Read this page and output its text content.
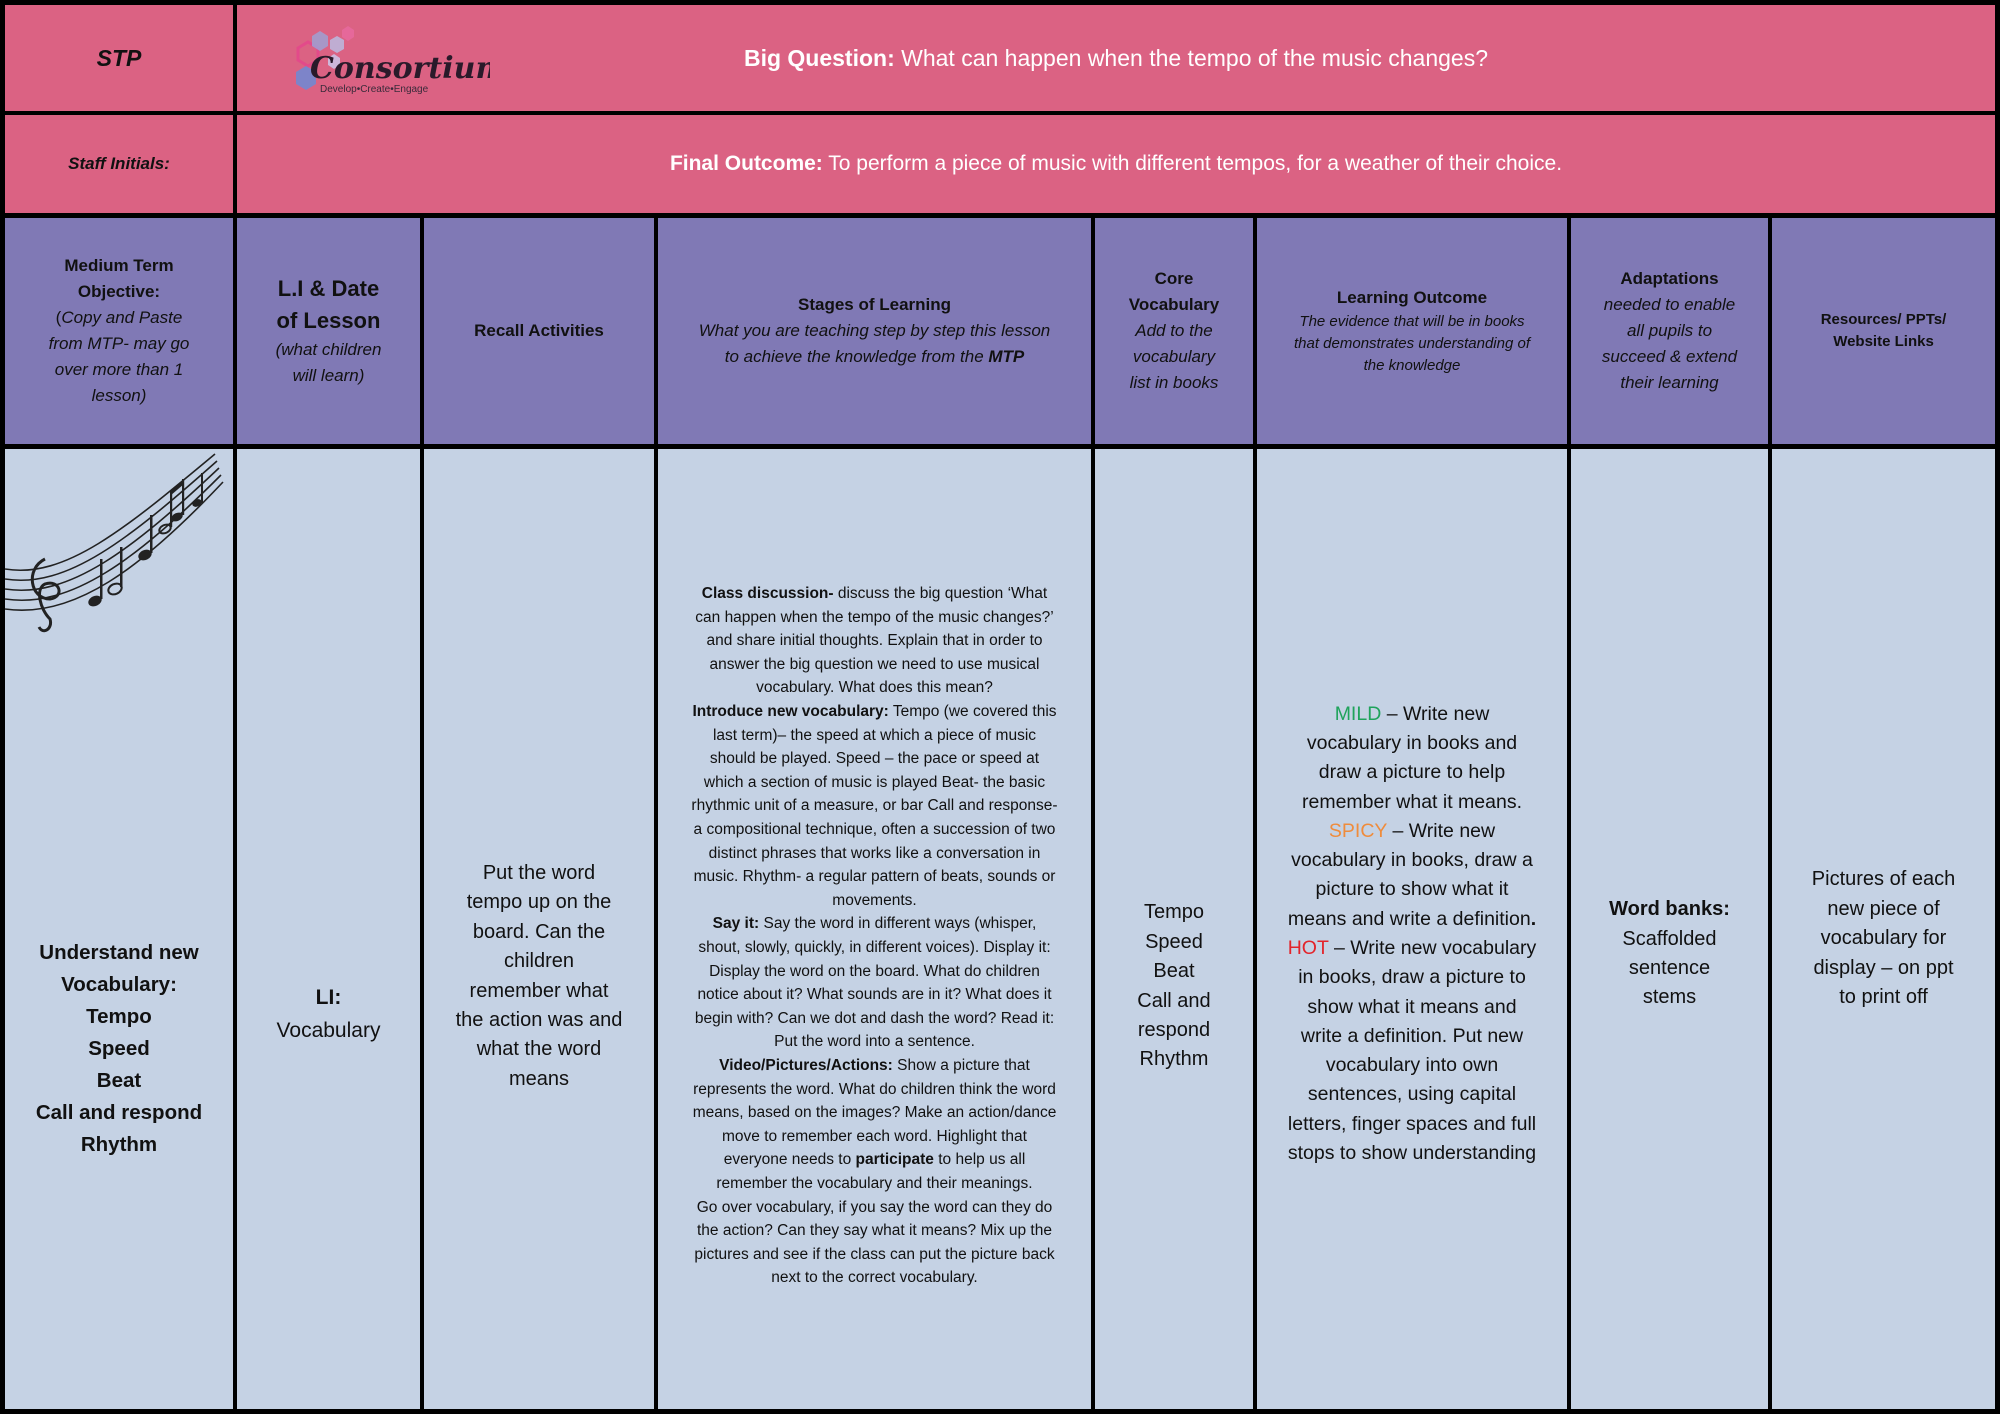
STP	Big Question: What can happen when the tempo of the music changes?
Consortium
Develop•Create•Engage
Staff Initials:	Final Outcome: To perform a piece of music with different tempos, for a weather of their choice.
Medium Term
Objective:
(Copy and Paste
from MTP- may go
over more than 1
lesson)
L.I & Date
of Lesson
(what children
will learn)
Recall Activities
Stages of Learning
What you are teaching step by step this lesson
to achieve the knowledge from the MTP
Core
Vocabulary
Add to the
vocabulary
list in books
Learning Outcome
The evidence that will be in books
that demonstrates understanding of
the knowledge
Adaptations
needed to enable
all pupils to
succeed & extend
their learning
Resources/ PPTs/
Website Links
Understand new
Vocabulary:
Tempo
Speed
Beat
Call and respond
Rhythm
LI:
Vocabulary
Put the word
tempo up on the
board. Can the
children
remember what
the action was and
what the word
means

Class discussion- discuss the big question ‘What can happen when the tempo of the music changes?’ and share initial thoughts. Explain that in order to answer the big question we need to use musical vocabulary. What does this mean?

Introduce new vocabulary: Tempo (we covered this last term)– the speed at which a piece of music should be played. Speed – the pace or speed at which a section of music is played Beat- the basic rhythmic unit of a measure, or bar Call and response- a compositional technique, often a succession of two distinct phrases that works like a conversation in music. Rhythm- a regular pattern of beats, sounds or movements.

Say it: Say the word in different ways (whisper, shout, slowly, quickly, in different voices). Display it: Display the word on the board. What do children notice about it? What sounds are in it? What does it begin with? Can we dot and dash the word? Read it: Put the word into a sentence.

Video/Pictures/Actions: Show a picture that represents the word. What do children think the word means, based on the images? Make an action/dance move to remember each word. Highlight that everyone needs to participate to help us all remember the vocabulary and their meanings.

Go over vocabulary, if you say the word can they do the action? Can they say what it means? Mix up the pictures and see if the class can put the picture back next to the correct vocabulary.

Tempo
Speed
Beat
Call and
respond
Rhythm

MILD – Write new vocabulary in books and draw a picture to help remember what it means.

SPICY – Write new vocabulary in books, draw a picture to show what it means and write a definition.

HOT – Write new vocabulary in books, draw a picture to show what it means and write a definition. Put new vocabulary into own sentences, using capital letters, finger spaces and full stops to show understanding

Word banks:
Scaffolded
sentence
stems
Pictures of each
new piece of
vocabulary for
display – on ppt
to print off
